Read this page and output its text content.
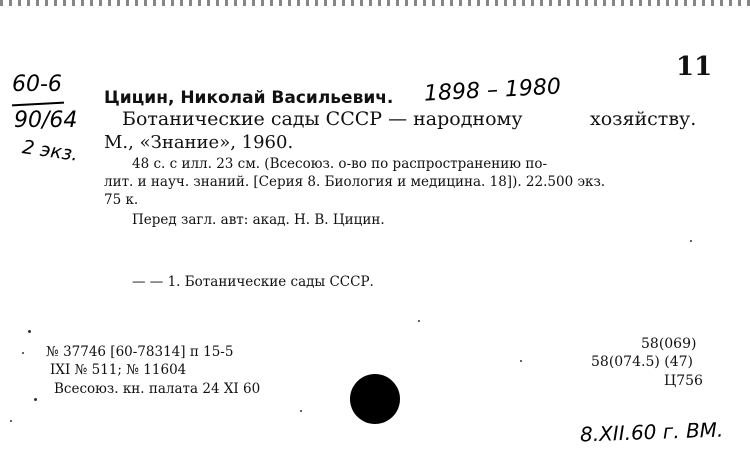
11
60-6
90/64
2 экз.
Цицин, Николай Васильевич. 1898 – 1980
Ботанические сады СССР — народному	хозяйству.
М., «Знание», 1960.
48 с. с илл. 23 см. (Всесоюз. о-во по распространению по-
лит. и науч. знаний. [Серия 8. Биология и медицина. 18]). 22.500 экз.
75 к.
Перед загл. авт: акад. Н. В. Цицин.
— — 1. Ботанические сады СССР.
№ 37746 [60-78314] п 15-5
IXI № 511; № 11604
Всесоюз. кн. палата 24 XI 60
58(069)
58(074.5) (47)
Ц756
8.XII.60 г. ВМ.
